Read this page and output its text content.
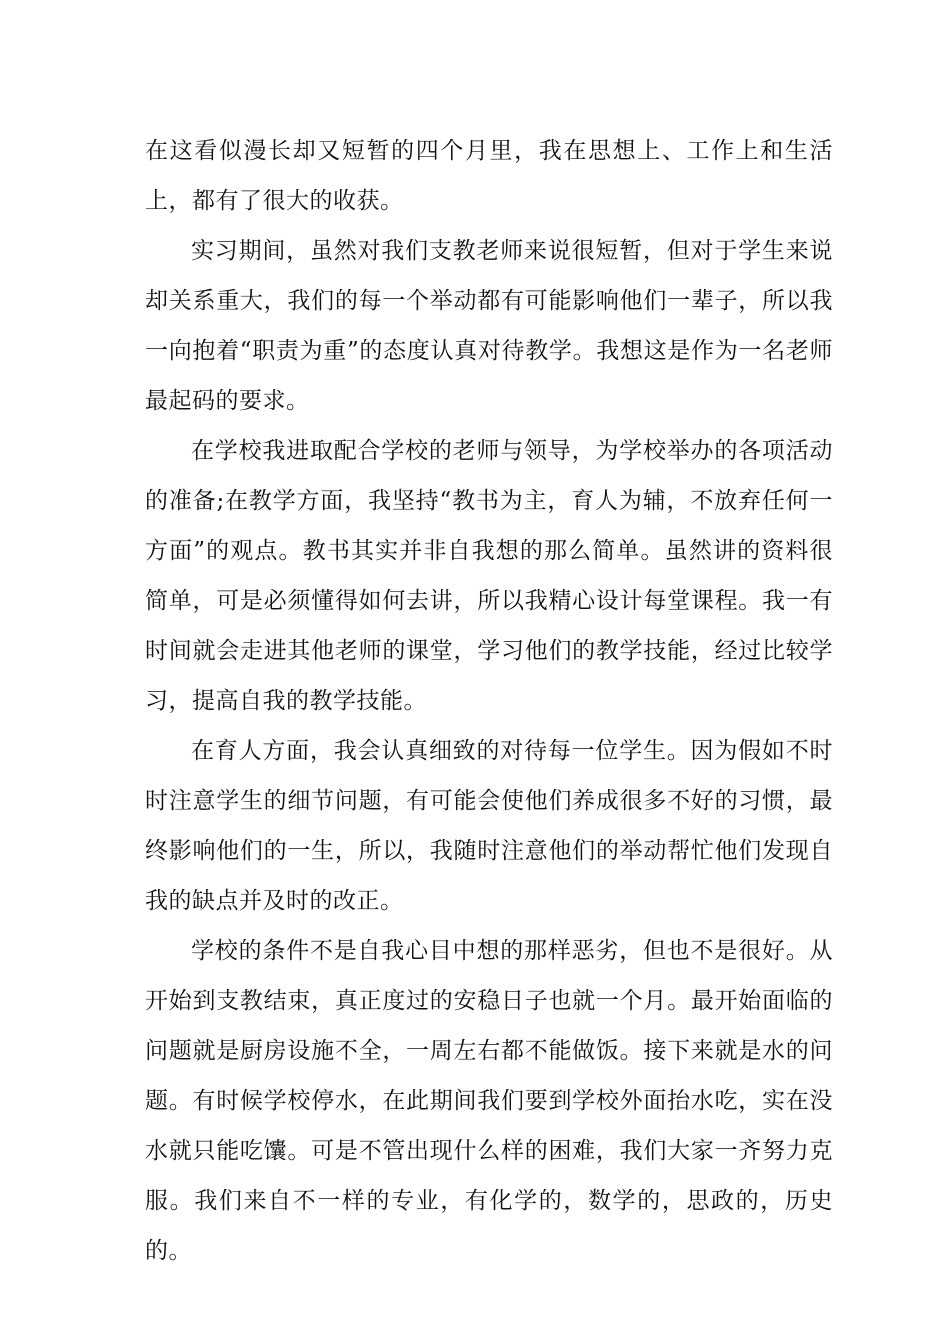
在这看似漫长却又短暂的四个月里，我在思想上、工作上和生活上，都有了很大的收获。

实习期间，虽然对我们支教老师来说很短暂，但对于学生来说却关系重大，我们的每一个举动都有可能影响他们一辈子，所以我一向抱着“职责为重”的态度认真对待教学。我想这是作为一名老师最起码的要求。

在学校我进取配合学校的老师与领导，为学校举办的各项活动的准备;在教学方面，我坚持“教书为主，育人为辅，不放弃任何一方面”的观点。教书其实并非自我想的那么简单。虽然讲的资料很简单，可是必须懂得如何去讲，所以我精心设计每堂课程。我一有时间就会走进其他老师的课堂，学习他们的教学技能，经过比较学习，提高自我的教学技能。

在育人方面，我会认真细致的对待每一位学生。因为假如不时时注意学生的细节问题，有可能会使他们养成很多不好的习惯，最终影响他们的一生，所以，我随时注意他们的举动帮忙他们发现自我的缺点并及时的改正。

学校的条件不是自我心目中想的那样恶劣，但也不是很好。从开始到支教结束，真正度过的安稳日子也就一个月。最开始面临的问题就是厨房设施不全，一周左右都不能做饭。接下来就是水的问题。有时候学校停水，在此期间我们要到学校外面抬水吃，实在没水就只能吃馕。可是不管出现什么样的困难，我们大家一齐努力克服。我们来自不一样的专业，有化学的，数学的，思政的，历史的。
